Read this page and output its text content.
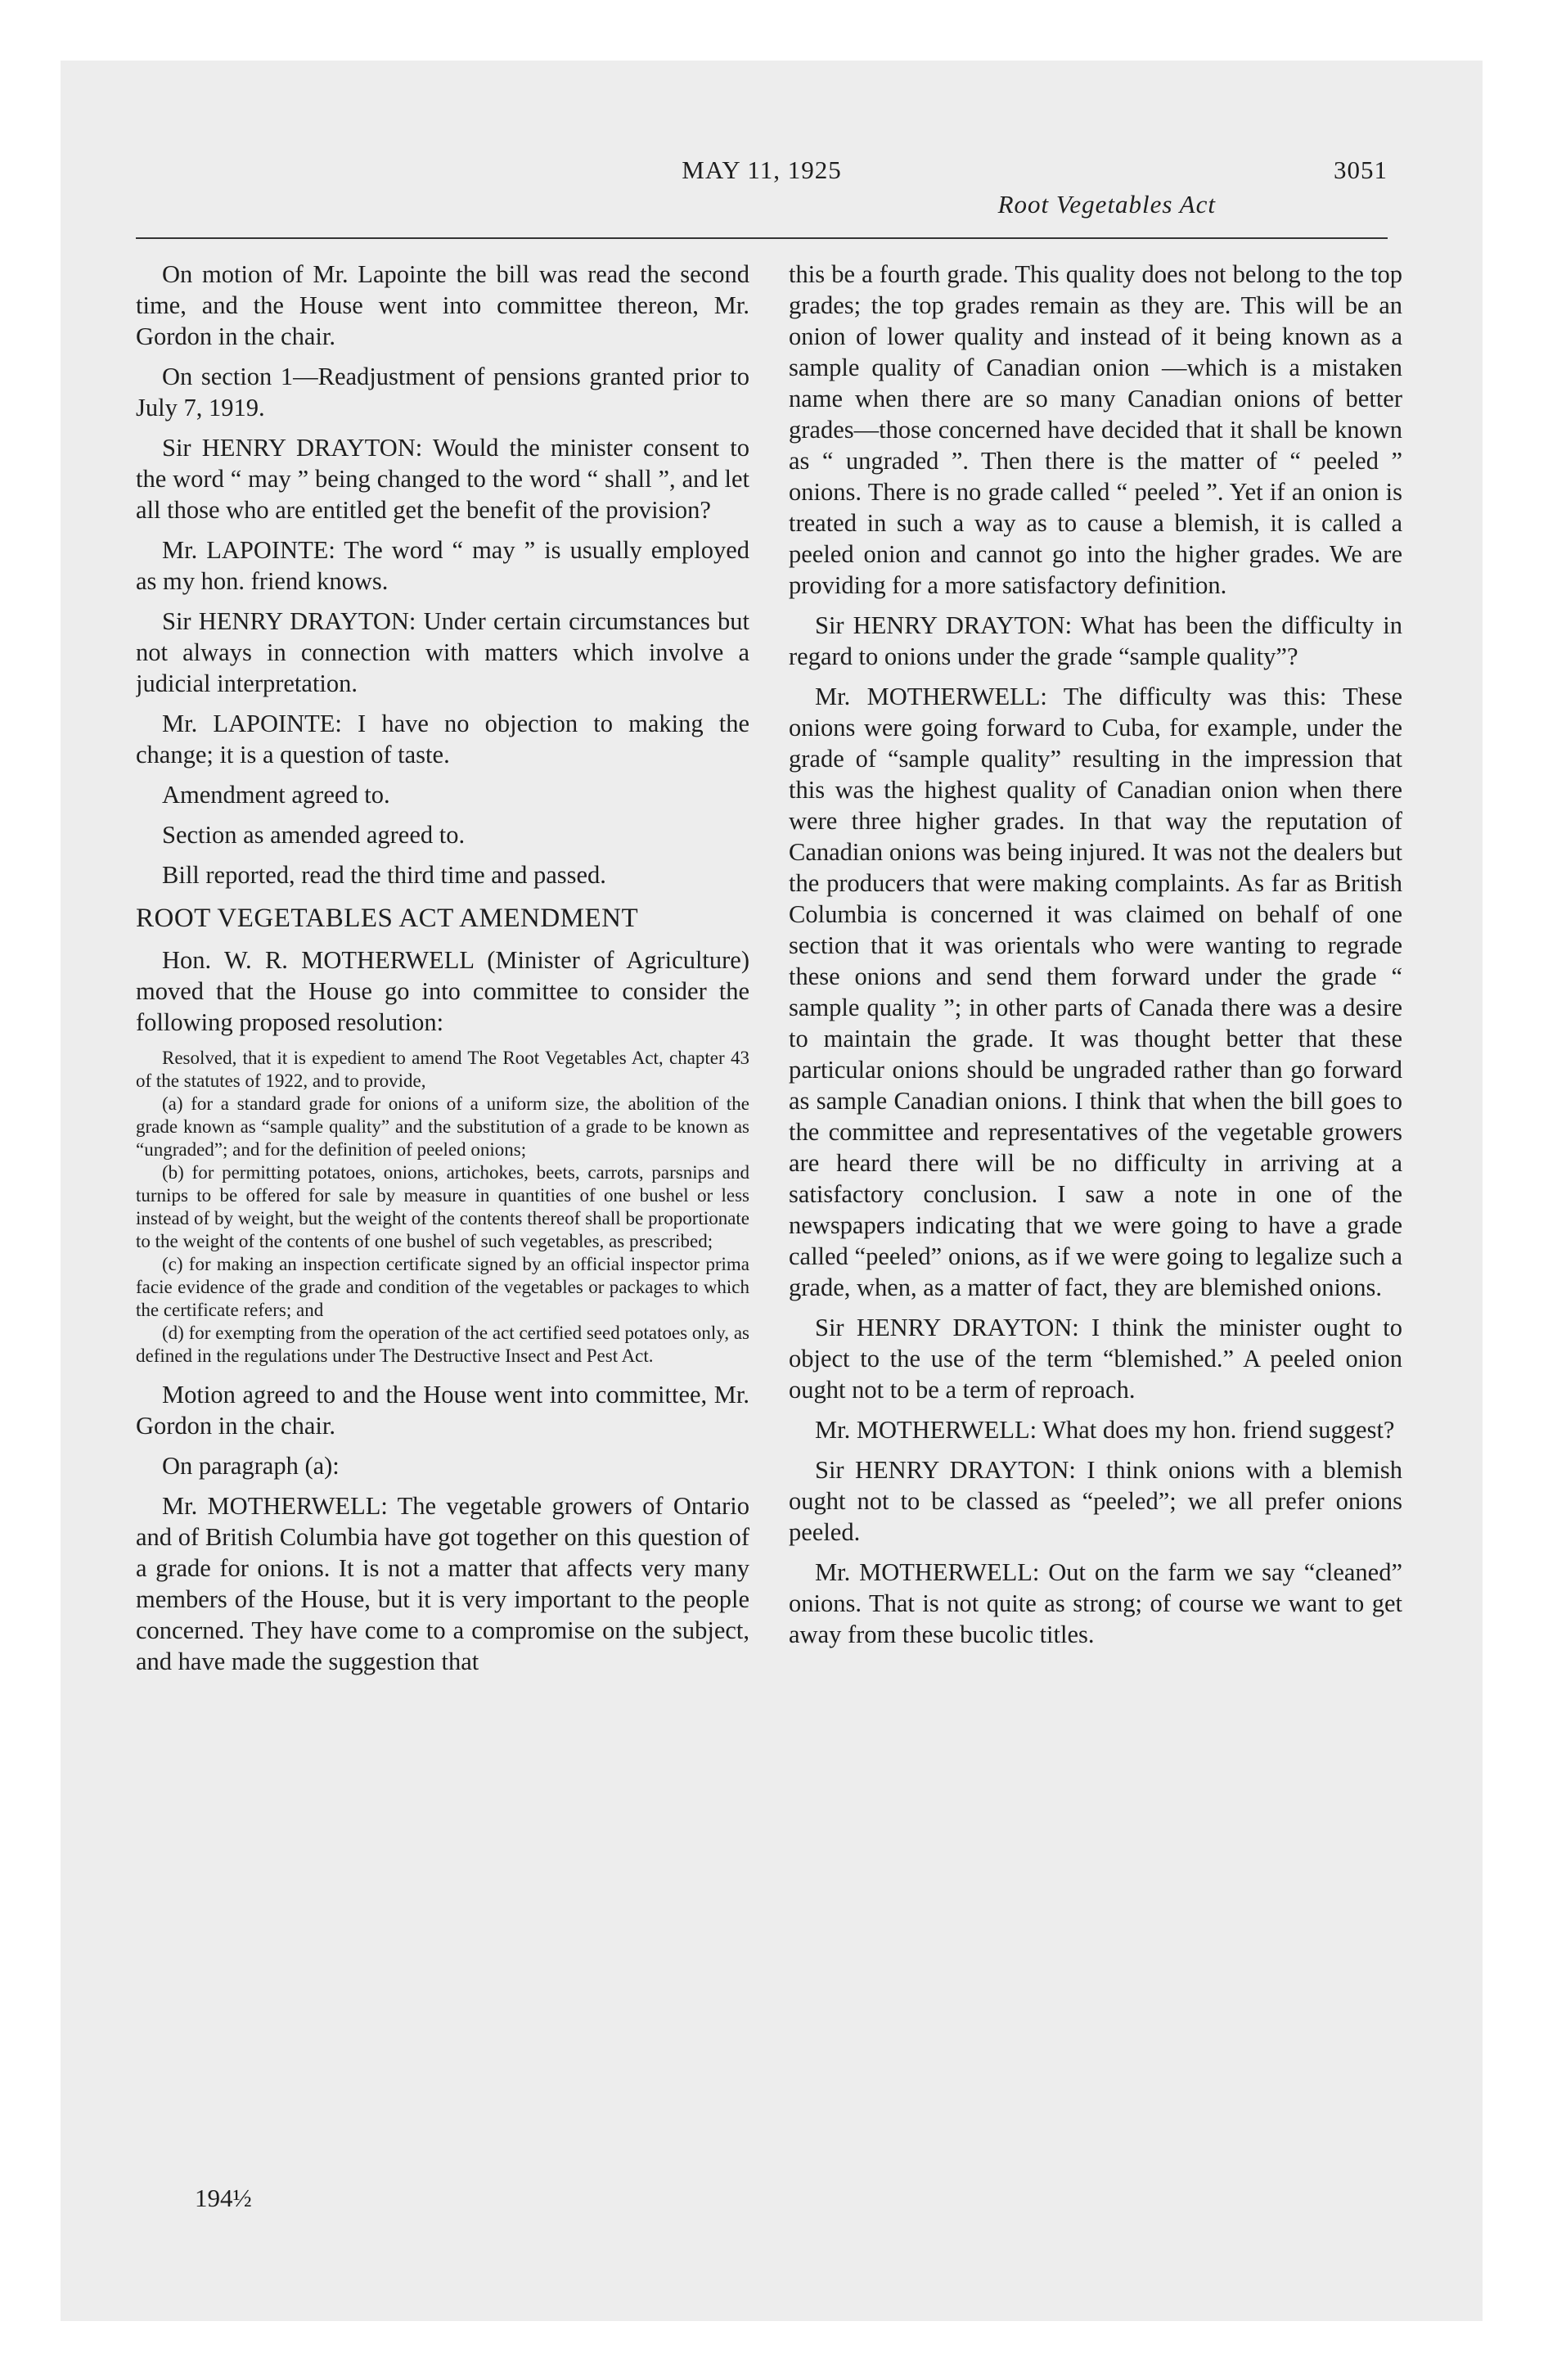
MAY 11, 1925	3051
Root Vegetables Act

On motion of Mr. Lapointe the bill was read the second time, and the House went into committee thereon, Mr. Gordon in the chair.

On section 1—Readjustment of pensions granted prior to July 7, 1919.

Sir HENRY DRAYTON: Would the minister consent to the word “ may ” being changed to the word “ shall ”, and let all those who are entitled get the benefit of the provision?

Mr. LAPOINTE: The word “ may ” is usually employed as my hon. friend knows.

Sir HENRY DRAYTON: Under certain circumstances but not always in connection with matters which involve a judicial interpretation.

Mr. LAPOINTE: I have no objection to making the change; it is a question of taste.

Amendment agreed to.

Section as amended agreed to.

Bill reported, read the third time and passed.

ROOT VEGETABLES ACT AMENDMENT

Hon. W. R. MOTHERWELL (Minister of Agriculture) moved that the House go into committee to consider the following proposed resolution:

Resolved, that it is expedient to amend The Root Vegetables Act, chapter 43 of the statutes of 1922, and to provide,

(a) for a standard grade for onions of a uniform size, the abolition of the grade known as “sample quality” and the substitution of a grade to be known as “ungraded”; and for the definition of peeled onions;

(b) for permitting potatoes, onions, artichokes, beets, carrots, parsnips and turnips to be offered for sale by measure in quantities of one bushel or less instead of by weight, but the weight of the contents thereof shall be proportionate to the weight of the contents of one bushel of such vegetables, as prescribed;

(c) for making an inspection certificate signed by an official inspector prima facie evidence of the grade and condition of the vegetables or packages to which the certificate refers; and

(d) for exempting from the operation of the act certified seed potatoes only, as defined in the regulations under The Destructive Insect and Pest Act.

Motion agreed to and the House went into committee, Mr. Gordon in the chair.

On paragraph (a):

Mr. MOTHERWELL: The vegetable growers of Ontario and of British Columbia have got together on this question of a grade for onions. It is not a matter that affects very many members of the House, but it is very important to the people concerned. They have come to a compromise on the subject, and have made the suggestion that

this be a fourth grade. This quality does not belong to the top grades; the top grades remain as they are. This will be an onion of lower quality and instead of it being known as a sample quality of Canadian onion —which is a mistaken name when there are so many Canadian onions of better grades—those concerned have decided that it shall be known as “ ungraded ”. Then there is the matter of “ peeled ” onions. There is no grade called “ peeled ”. Yet if an onion is treated in such a way as to cause a blemish, it is called a peeled onion and cannot go into the higher grades. We are providing for a more satisfactory definition.

Sir HENRY DRAYTON: What has been the difficulty in regard to onions under the grade “sample quality”?

Mr. MOTHERWELL: The difficulty was this: These onions were going forward to Cuba, for example, under the grade of “sample quality” resulting in the impression that this was the highest quality of Canadian onion when there were three higher grades. In that way the reputation of Canadian onions was being injured. It was not the dealers but the producers that were making complaints. As far as British Columbia is concerned it was claimed on behalf of one section that it was orientals who were wanting to regrade these onions and send them forward under the grade “ sample quality ”; in other parts of Canada there was a desire to maintain the grade. It was thought better that these particular onions should be ungraded rather than go forward as sample Canadian onions. I think that when the bill goes to the committee and representatives of the vegetable growers are heard there will be no difficulty in arriving at a satisfactory conclusion. I saw a note in one of the newspapers indicating that we were going to have a grade called “peeled” onions, as if we were going to legalize such a grade, when, as a matter of fact, they are blemished onions.

Sir HENRY DRAYTON: I think the minister ought to object to the use of the term “blemished.” A peeled onion ought not to be a term of reproach.

Mr. MOTHERWELL: What does my hon. friend suggest?

Sir HENRY DRAYTON: I think onions with a blemish ought not to be classed as “peeled”; we all prefer onions peeled.

Mr. MOTHERWELL: Out on the farm we say “cleaned” onions. That is not quite as strong; of course we want to get away from these bucolic titles.

194½
